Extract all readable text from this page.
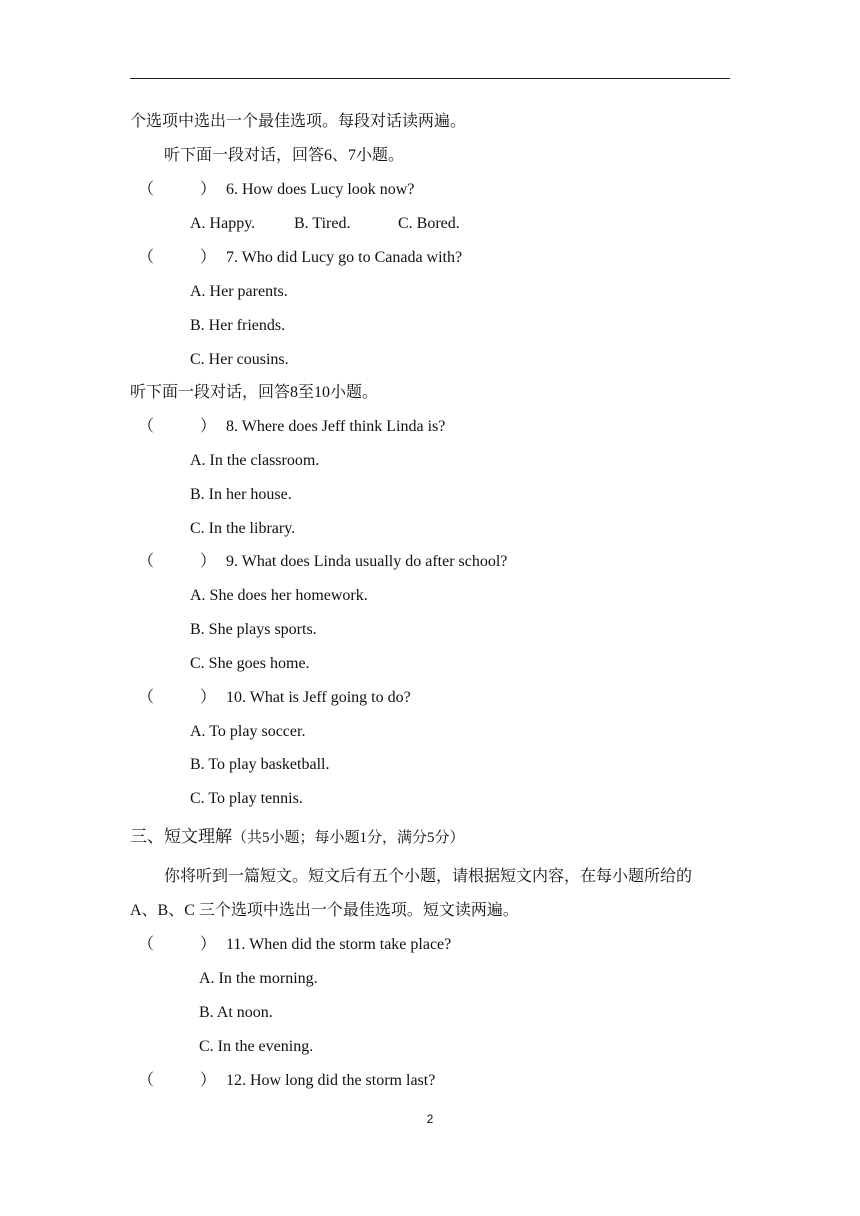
个选项中选出一个最佳选项。每段对话读两遍。
听下面一段对话，回答6、7小题。
（	） 6. How does Lucy look now?
A. Happy. B. Tired.	C. Bored.
（	） 7. Who did Lucy go to Canada with?
A. Her parents.
B. Her friends.
C. Her cousins.
听下面一段对话，回答8至10小题。
（	） 8. Where does Jeff think Linda is?
A. In the classroom.
B. In her house.
C. In the library.
（	） 9. What does Linda usually do after school?
A. She does her homework.
B. She plays sports.
C. She goes home.
（	） 10. What is Jeff going to do?
A. To play soccer.
B. To play basketball.
C. To play tennis.
三、短文理解（共5小题；每小题1分，满分5分）
你将听到一篇短文。短文后有五个小题，请根据短文内容，在每小题所给的
A、B、C 三个选项中选出一个最佳选项。短文读两遍。
（	） 11. When did the storm take place?
A. In the morning.
B. At noon.
C. In the evening.
（	） 12. How long did the storm last?
2
